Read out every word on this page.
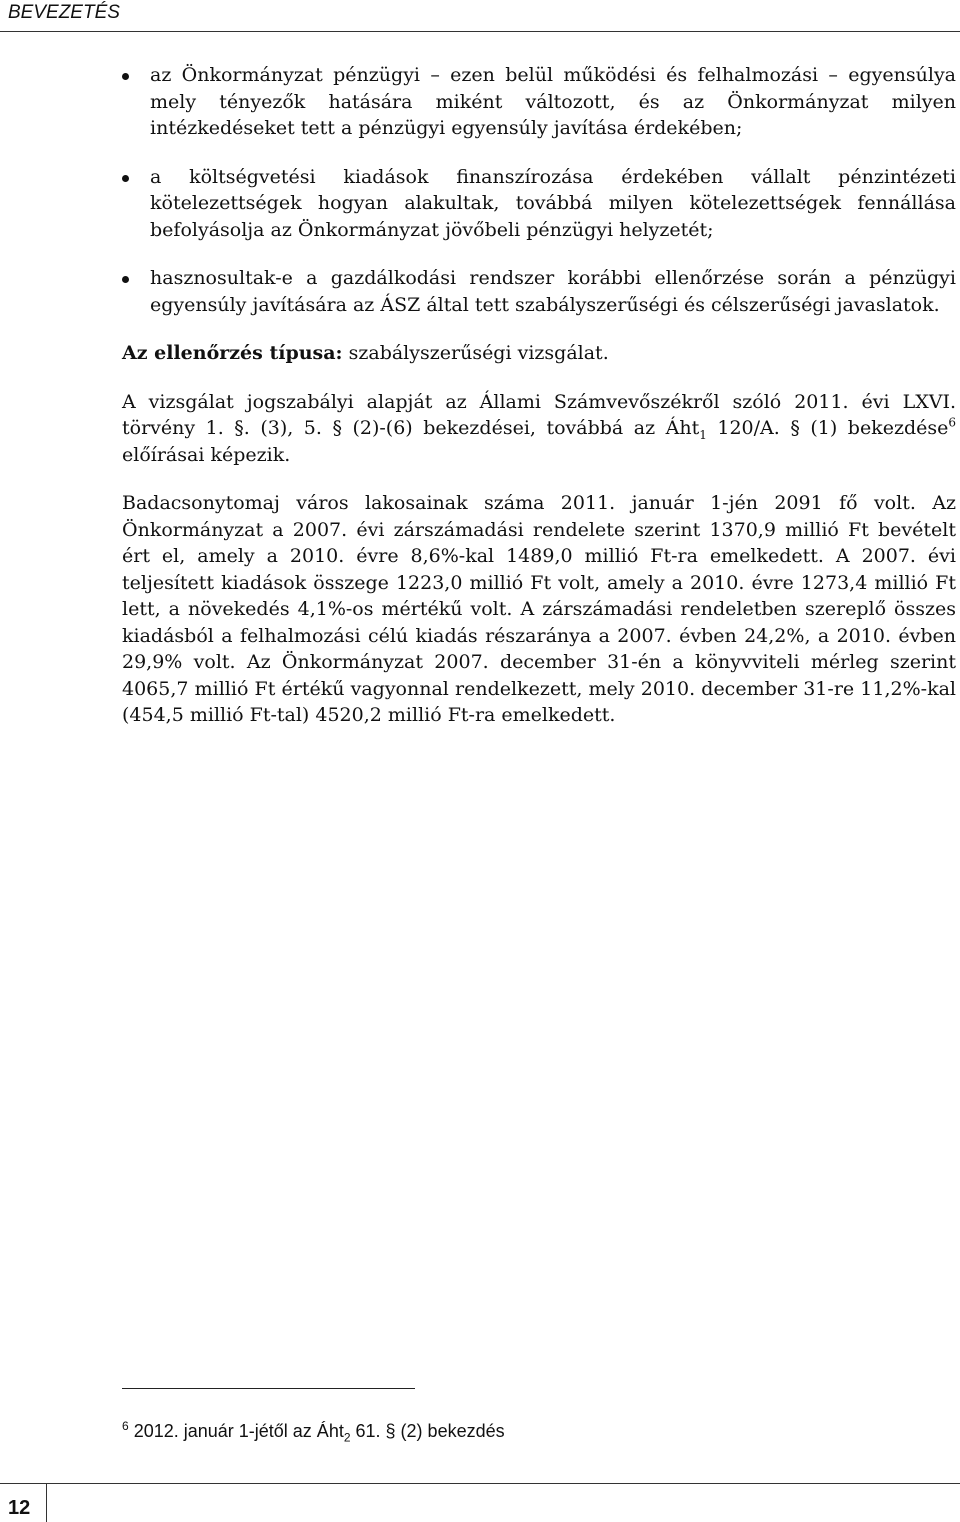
BEVEZETÉS
az Önkormányzat pénzügyi – ezen belül működési és felhalmozási – egyensúlya mely tényezők hatására miként változott, és az Önkormányzat milyen intézkedéseket tett a pénzügyi egyensúly javítása érdekében;
a költségvetési kiadások finanszírozása érdekében vállalt pénzintézeti kötelezettségek hogyan alakultak, továbbá milyen kötelezettségek fennállása befolyásolja az Önkormányzat jövőbeli pénzügyi helyzetét;
hasznosultak-e a gazdálkodási rendszer korábbi ellenőrzése során a pénzügyi egyensúly javítására az ÁSZ által tett szabályszerűségi és célszerűségi javaslatok.

Az ellenőrzés típusa: szabályszerűségi vizsgálat.

A vizsgálat jogszabályi alapját az Állami Számvevőszékről szóló 2011. évi LXVI. törvény 1. §. (3), 5. § (2)-(6) bekezdései, továbbá az Áht$_1$ 120/A. § (1) bekezdése$^6$ előírásai képezik.

Badacsonytomaj város lakosainak száma 2011. január 1-jén 2091 fő volt. Az Önkormányzat a 2007. évi zárszámadási rendelete szerint 1370,9 millió Ft bevételt ért el, amely a 2010. évre 8,6%-kal 1489,0 millió Ft-ra emelkedett. A 2007. évi teljesített kiadások összege 1223,0 millió Ft volt, amely a 2010. évre 1273,4 millió Ft lett, a növekedés 4,1%-os mértékű volt. A zárszámadási rendeletben szereplő összes kiadásból a felhalmozási célú kiadás részaránya a 2007. évben 24,2%, a 2010. évben 29,9% volt. Az Önkormányzat 2007. december 31-én a könyvviteli mérleg szerint 4065,7 millió Ft értékű vagyonnal rendelkezett, mely 2010. december 31-re 11,2%-kal (454,5 millió Ft-tal) 4520,2 millió Ft-ra emelkedett.

$^6$ 2012. január 1-jétől az Áht$_2$ 61. § (2) bekezdés
12
